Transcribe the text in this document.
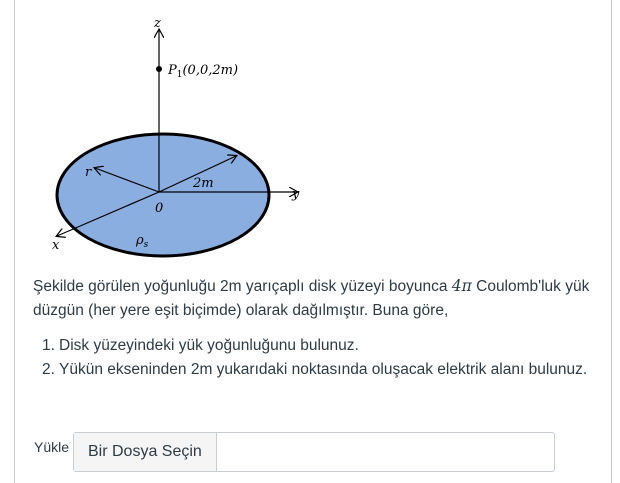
z
y
x
r
2m
0
$P_1(0,0,2m)$
$\rho_s$
Şekilde görülen yoğunluğu 2m yarıçaplı disk yüzeyi boyunca 4π Coulomb'luk yük düzgün (her yere eşit biçimde) olarak dağılmıştır. Buna göre,
1. Disk yüzeyindeki yük yoğunluğunu bulunuz.
2. Yükün ekseninden 2m yukarıdaki noktasında oluşacak elektrik alanı bulunuz.
Yükle	Bir Dosya Seçin
